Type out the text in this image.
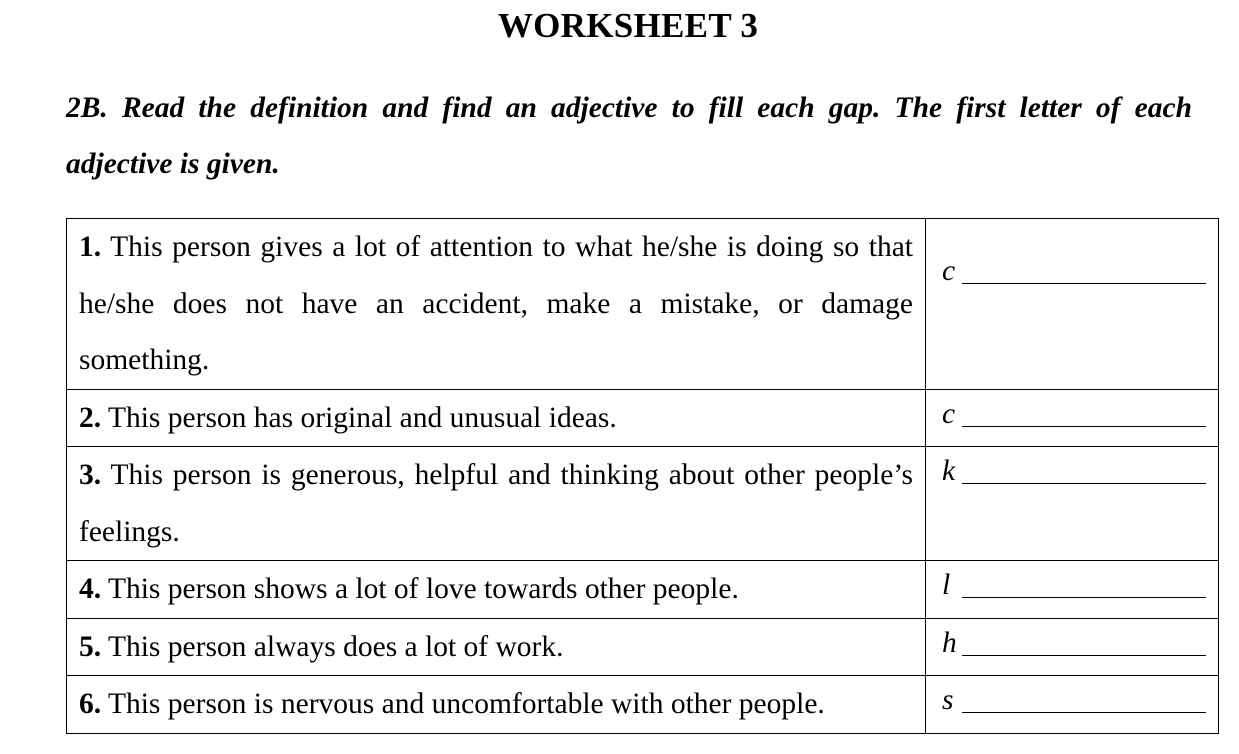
WORKSHEET 3
2B. Read the definition and find an adjective to fill each gap. The first letter of each adjective is given.
1. This person gives a lot of attention to what he/she is doing so that he/she does not have an accident, make a mistake, or damage something.	c

2. This person has original and unusual ideas.	c

3. This person is generous, helpful and thinking about other people’s feelings.	k

4. This person shows a lot of love towards other people.	l

5. This person always does a lot of work.	h

6. This person is nervous and uncomfortable with other people.	s
